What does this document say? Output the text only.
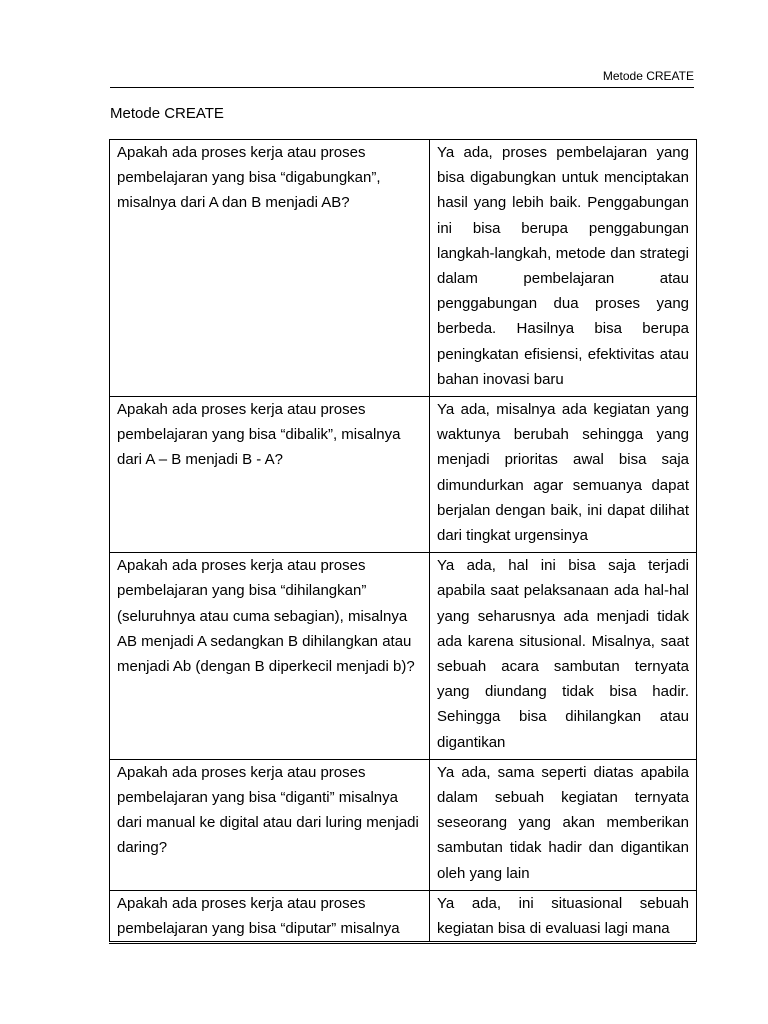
Metode CREATE
Metode CREATE
Apakah ada proses kerja atau proses pembelajaran yang bisa “digabungkan”, misalnya dari A dan B menjadi AB?	Ya ada, proses pembelajaran yang bisa digabungkan untuk menciptakan hasil yang lebih baik. Penggabungan ini bisa berupa penggabungan langkah-langkah, metode dan strategi dalam pembelajaran atau penggabungan dua proses yang berbeda. Hasilnya bisa berupa peningkatan efisiensi, efektivitas atau bahan inovasi baru
Apakah ada proses kerja atau proses pembelajaran yang bisa “dibalik”, misalnya dari A – B menjadi B - A?	Ya ada, misalnya ada kegiatan yang waktunya berubah sehingga yang menjadi prioritas awal bisa saja dimundurkan agar semuanya dapat berjalan dengan baik, ini dapat dilihat dari tingkat urgensinya
Apakah ada proses kerja atau proses pembelajaran yang bisa “dihilangkan” (seluruhnya atau cuma sebagian), misalnya AB menjadi A sedangkan B dihilangkan atau menjadi Ab (dengan B diperkecil menjadi b)?	Ya ada, hal ini bisa saja terjadi apabila saat pelaksanaan ada hal-hal yang seharusnya ada menjadi tidak ada karena situsional. Misalnya, saat sebuah acara sambutan ternyata yang diundang tidak bisa hadir. Sehingga bisa dihilangkan atau digantikan
Apakah ada proses kerja atau proses pembelajaran yang bisa “diganti” misalnya dari manual ke digital atau dari luring menjadi daring?	Ya ada, sama seperti diatas apabila dalam sebuah kegiatan ternyata seseorang yang akan memberikan sambutan tidak hadir dan digantikan oleh yang lain
Apakah ada proses kerja atau proses pembelajaran yang bisa “diputar” misalnya	Ya ada, ini situasional sebuah kegiatan bisa di evaluasi lagi mana
